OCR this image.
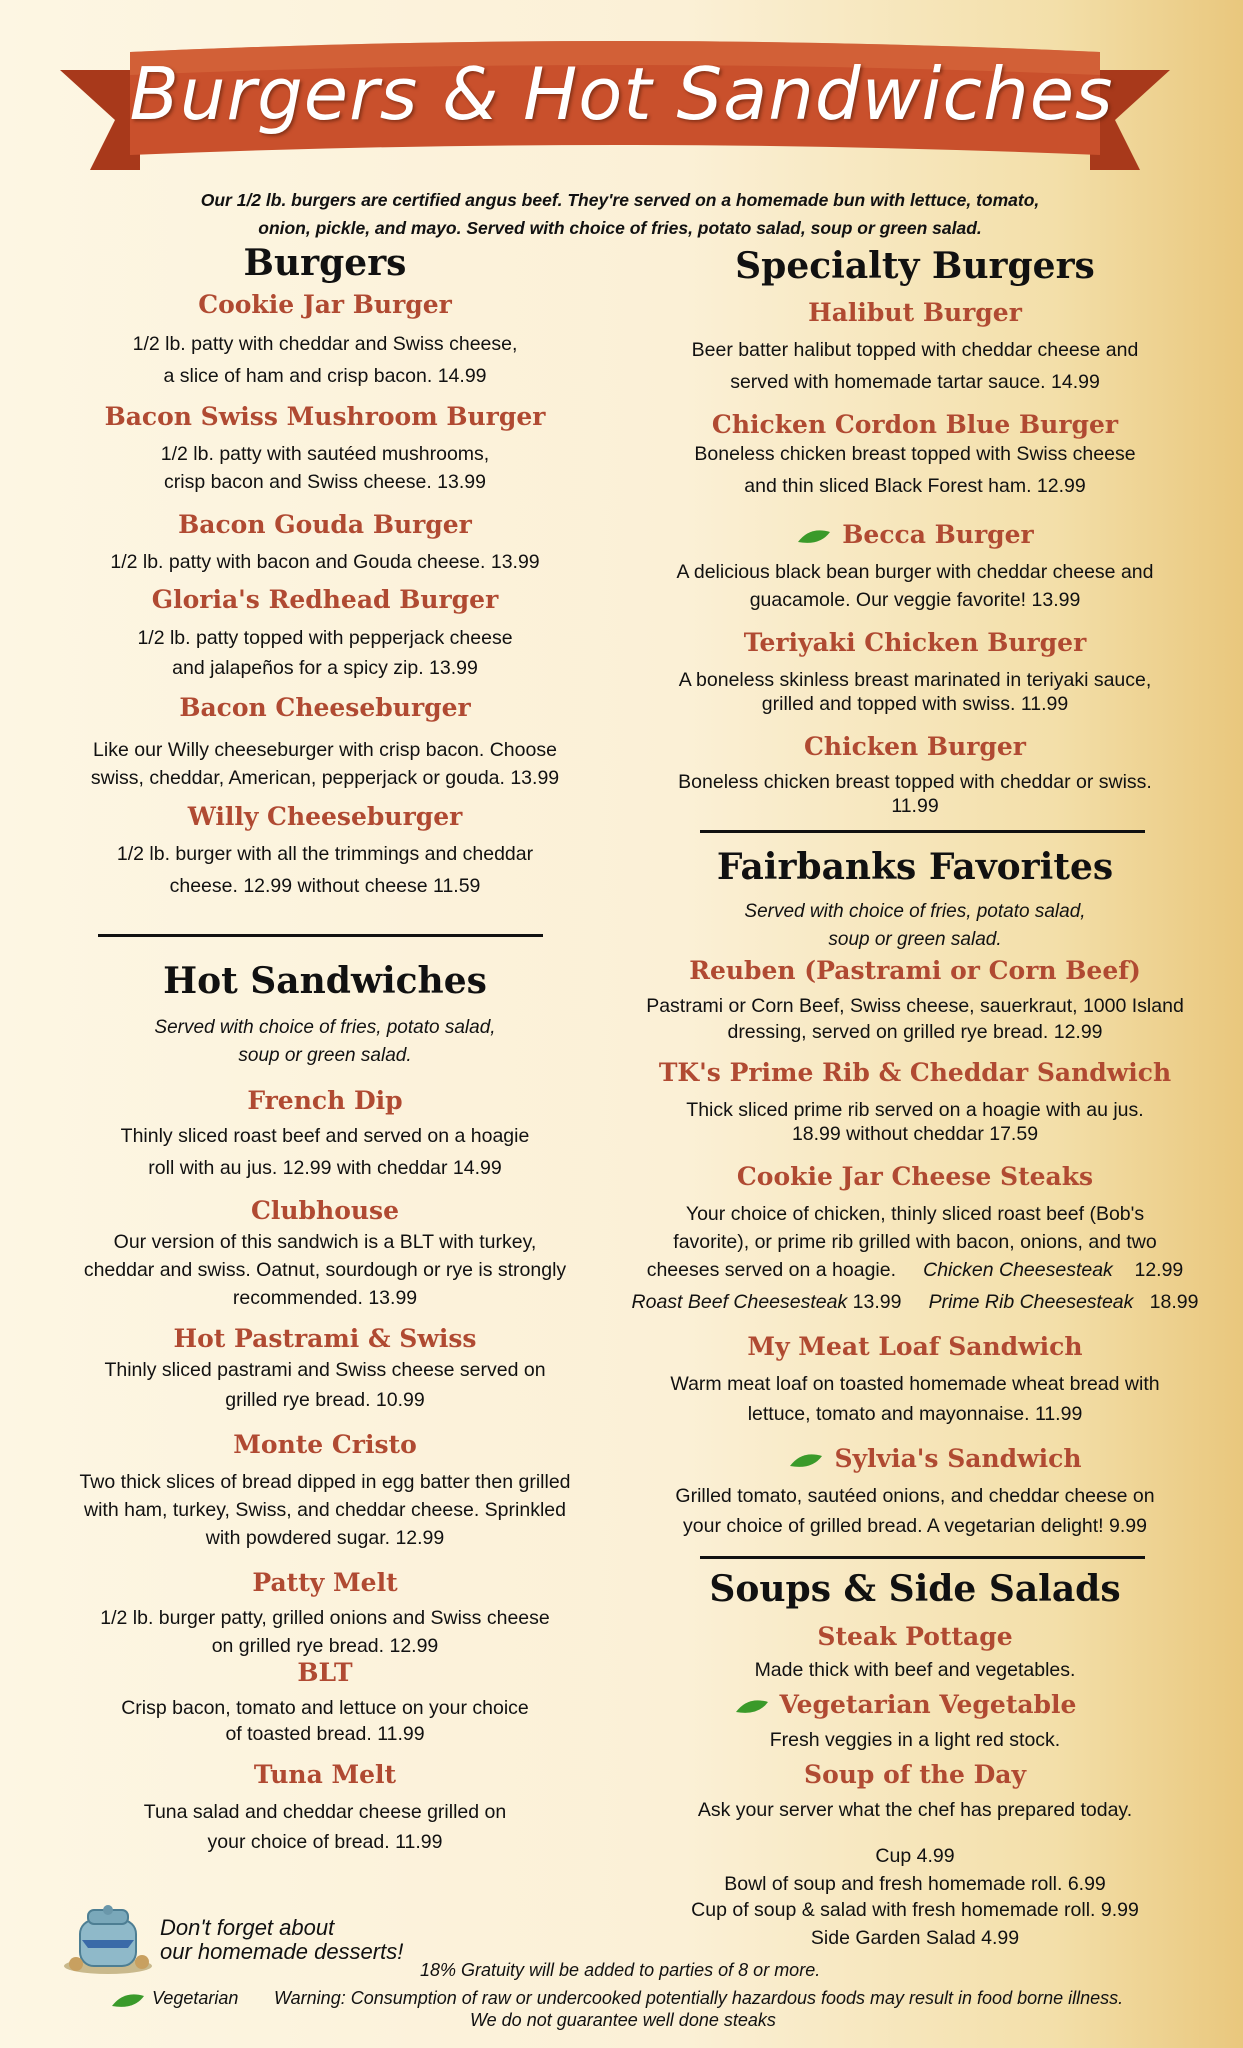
Burgers & Hot Sandwiches
Our 1/2 lb. burgers are certified angus beef. They're served on a homemade bun with lettuce, tomato,
onion, pickle, and mayo. Served with choice of fries, potato salad, soup or green salad.
Burgers
Cookie Jar Burger
1/2 lb. patty with cheddar and Swiss cheese,
a slice of ham and crisp bacon. 14.99
Bacon Swiss Mushroom Burger
1/2 lb. patty with sautéed mushrooms,
crisp bacon and Swiss cheese. 13.99
Bacon Gouda Burger
1/2 lb. patty with bacon and Gouda cheese. 13.99
Gloria's Redhead Burger
1/2 lb. patty topped with pepperjack cheese
and jalapeños for a spicy zip. 13.99
Bacon Cheeseburger
Like our Willy cheeseburger with crisp bacon. Choose
swiss, cheddar, American, pepperjack or gouda. 13.99
Willy Cheeseburger
1/2 lb. burger with all the trimmings and cheddar
cheese. 12.99 without cheese 11.59
Hot Sandwiches
Served with choice of fries, potato salad,
soup or green salad.
French Dip
Thinly sliced roast beef and served on a hoagie
roll with au jus. 12.99 with cheddar 14.99
Clubhouse
Our version of this sandwich is a BLT with turkey,
cheddar and swiss. Oatnut, sourdough or rye is strongly
recommended. 13.99
Hot Pastrami & Swiss
Thinly sliced pastrami and Swiss cheese served on
grilled rye bread. 10.99
Monte Cristo
Two thick slices of bread dipped in egg batter then grilled
with ham, turkey, Swiss, and cheddar cheese. Sprinkled
with powdered sugar. 12.99
Patty Melt
1/2 lb. burger patty, grilled onions and Swiss cheese
on grilled rye bread. 12.99
BLT
Crisp bacon, tomato and lettuce on your choice
of toasted bread. 11.99
Tuna Melt
Tuna salad and cheddar cheese grilled on
your choice of bread. 11.99
Specialty Burgers
Halibut Burger
Beer batter halibut topped with cheddar cheese and
served with homemade tartar sauce. 14.99
Chicken Cordon Blue Burger
Boneless chicken breast topped with Swiss cheese
and thin sliced Black Forest ham. 12.99
Becca Burger
A delicious black bean burger with cheddar cheese and
guacamole. Our veggie favorite! 13.99
Teriyaki Chicken Burger
A boneless skinless breast marinated in teriyaki sauce,
grilled and topped with swiss. 11.99
Chicken Burger
Boneless chicken breast topped with cheddar or swiss.
11.99
Fairbanks Favorites
Served with choice of fries, potato salad,
soup or green salad.
Reuben (Pastrami or Corn Beef)
Pastrami or Corn Beef, Swiss cheese, sauerkraut, 1000 Island
dressing, served on grilled rye bread. 12.99
TK's Prime Rib & Cheddar Sandwich
Thick sliced prime rib served on a hoagie with au jus.
18.99 without cheddar 17.59
Cookie Jar Cheese Steaks
Your choice of chicken, thinly sliced roast beef (Bob's
favorite), or prime rib grilled with bacon, onions, and two
cheeses served on a hoagie. Chicken Cheesesteak 12.99
Roast Beef Cheesesteak 13.99 Prime Rib Cheesesteak 18.99
My Meat Loaf Sandwich
Warm meat loaf on toasted homemade wheat bread with
lettuce, tomato and mayonnaise. 11.99
Sylvia's Sandwich
Grilled tomato, sautéed onions, and cheddar cheese on
your choice of grilled bread. A vegetarian delight! 9.99
Soups & Side Salads
Steak Pottage
Made thick with beef and vegetables.
Vegetarian Vegetable
Fresh veggies in a light red stock.
Soup of the Day
Ask your server what the chef has prepared today.
Cup 4.99
Bowl of soup and fresh homemade roll. 6.99
Cup of soup & salad with fresh homemade roll. 9.99
Side Garden Salad 4.99
Don't forget about
our homemade desserts!
18% Gratuity will be added to parties of 8 or more.
Vegetarian Warning: Consumption of raw or undercooked potentially hazardous foods may result in food borne illness.
We do not guarantee well done steaks
